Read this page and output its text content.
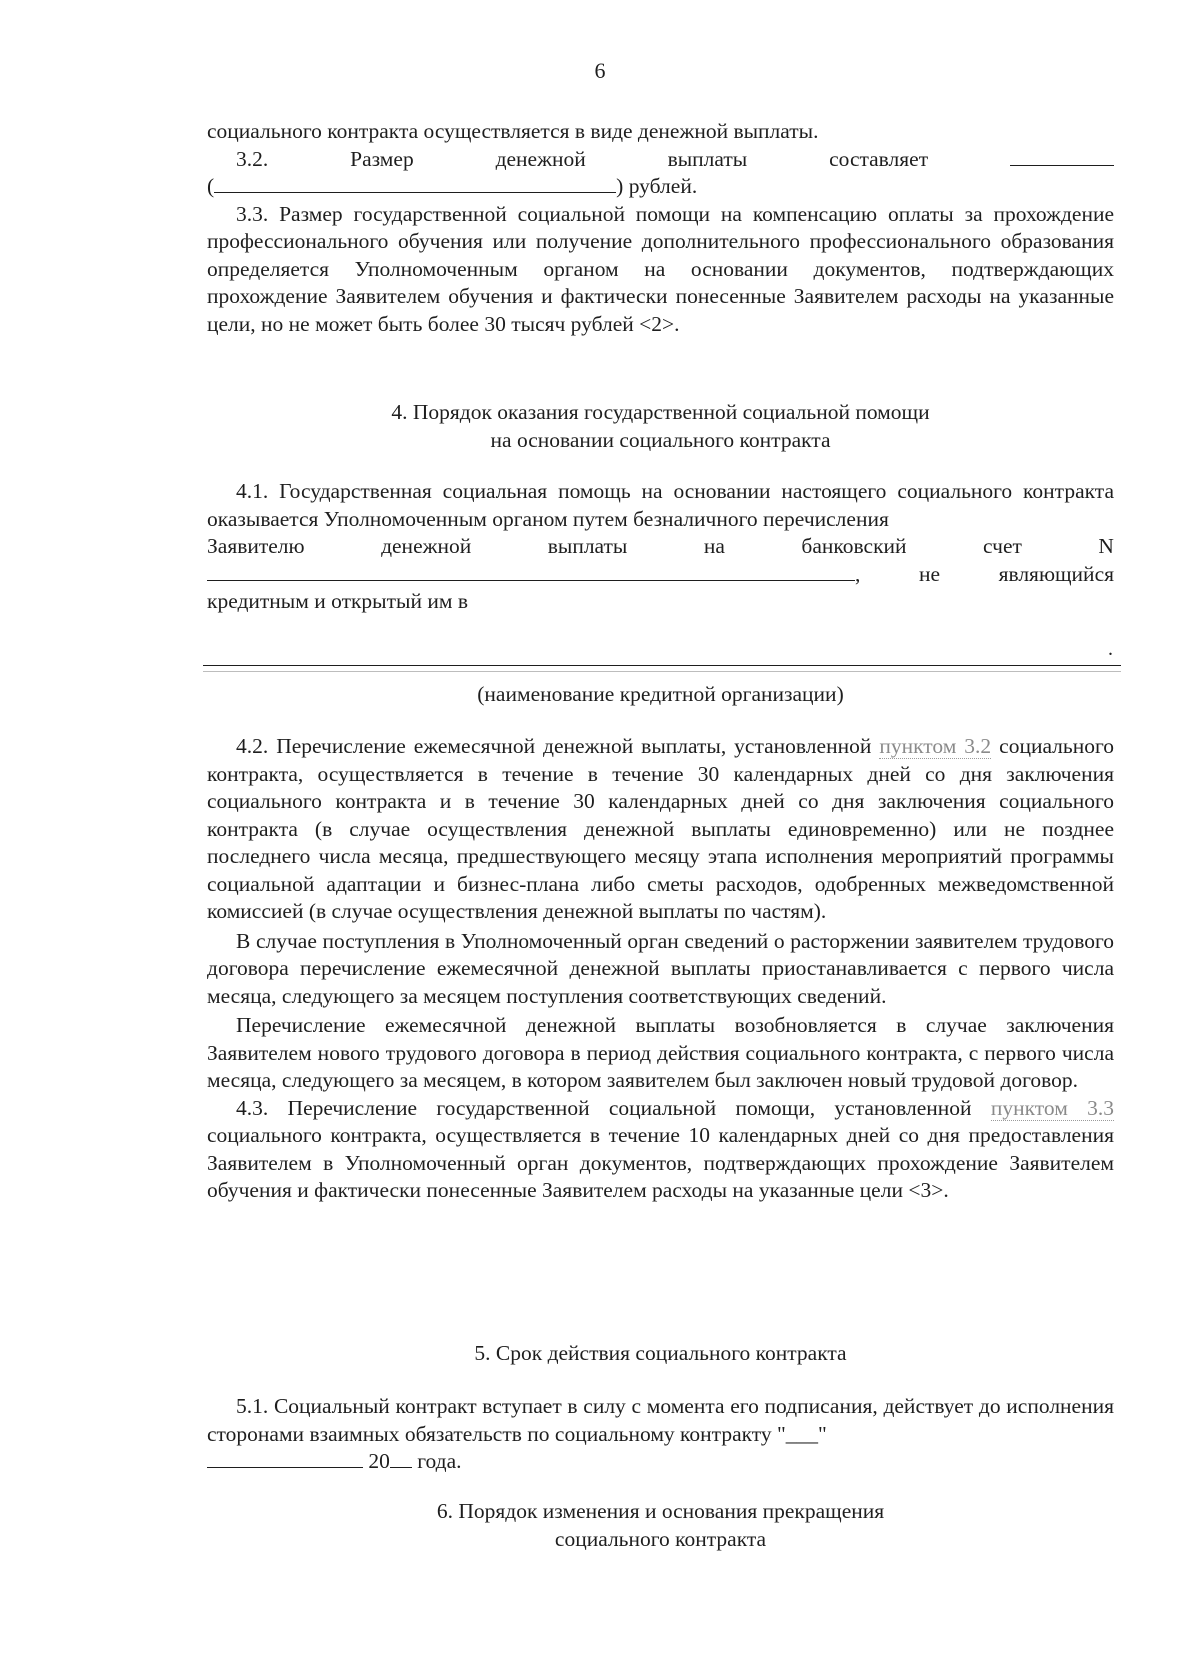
6

социального контракта осуществляется в виде денежной выплаты.

3.2.	Размер	денежной	выплаты	составляет

(	) рублей.

3.3. Размер государственной социальной помощи на компенсацию оплаты за прохождение профессионального обучения или получение дополнительного профессионального образования определяется Уполномоченным органом на основании документов, подтверждающих прохождение Заявителем обучения и фактически понесенные Заявителем расходы на указанные цели, но не может быть более 30 тысяч рублей <2>.

4. Порядок оказания государственной социальной помощи
на основании социального контракта

4.1. Государственная социальная помощь на основании настоящего социального контракта оказывается Уполномоченным органом путем безналичного перечисления

Заявителю	денежной	выплаты	на	банковский	счет	N
,	не	являющийся

кредитным и открытый им в

.
(наименование кредитной организации)

4.2. Перечисление ежемесячной денежной выплаты, установленной пунктом 3.2 социального контракта, осуществляется в течение в течение 30 календарных дней со дня заключения социального контракта и в течение 30 календарных дней со дня заключения социального контракта (в случае осуществления денежной выплаты единовременно) или не позднее последнего числа месяца, предшествующего месяцу этапа исполнения мероприятий программы социальной адаптации и бизнес-плана либо сметы расходов, одобренных межведомственной комиссией (в случае осуществления денежной выплаты по частям).

В случае поступления в Уполномоченный орган сведений о расторжении заявителем трудового договора перечисление ежемесячной денежной выплаты приостанавливается с первого числа месяца, следующего за месяцем поступления соответствующих сведений.

Перечисление ежемесячной денежной выплаты возобновляется в случае заключения Заявителем нового трудового договора в период действия социального контракта, с первого числа месяца, следующего за месяцем, в котором заявителем был заключен новый трудовой договор.

4.3. Перечисление государственной социальной помощи, установленной пунктом 3.3 социального контракта, осуществляется в течение 10 календарных дней со дня предоставления Заявителем в Уполномоченный орган документов, подтверждающих прохождение Заявителем обучения и фактически понесенные Заявителем расходы на указанные цели <3>.

5. Срок действия социального контракта

5.1. Социальный контракт вступает в силу с момента его подписания, действует до исполнения сторонами взаимных обязательств по социальному контракту "___"

20 года.

6. Порядок изменения и основания прекращения
социального контракта
